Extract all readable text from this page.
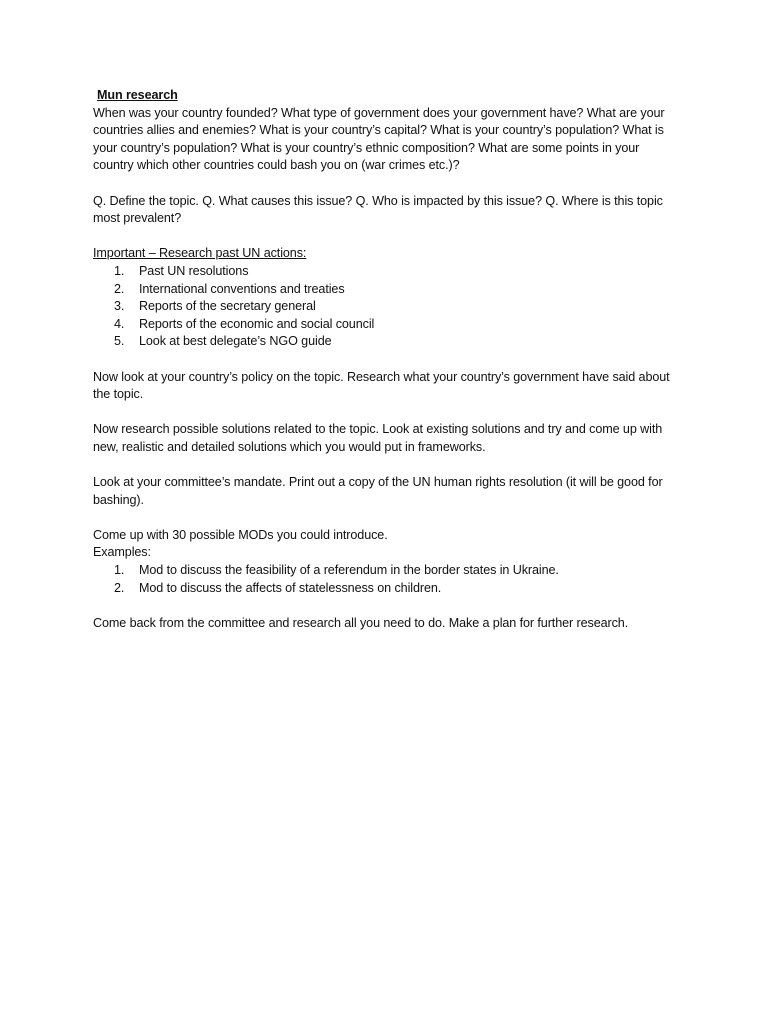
Mun research

When was your country founded? What type of government does your government have? What are your countries allies and enemies? What is your country’s capital? What is your country’s population? What is your country’s population? What is your country’s ethnic composition? What are some points in your country which other countries could bash you on (war crimes etc.)?

Q. Define the topic. Q. What causes this issue? Q. Who is impacted by this issue? Q. Where is this topic most prevalent?

Important – Research past UN actions:
1. Past UN resolutions
2. International conventions and treaties
3. Reports of the secretary general
4. Reports of the economic and social council
5. Look at best delegate’s NGO guide

Now look at your country’s policy on the topic. Research what your country’s government have said about the topic.

Now research possible solutions related to the topic. Look at existing solutions and try and come up with new, realistic and detailed solutions which you would put in frameworks.

Look at your committee’s mandate. Print out a copy of the UN human rights resolution (it will be good for bashing).

Come up with 30 possible MODs you could introduce.
Examples:
1. Mod to discuss the feasibility of a referendum in the border states in Ukraine.
2. Mod to discuss the affects of statelessness on children.

Come back from the committee and research all you need to do. Make a plan for further research.
